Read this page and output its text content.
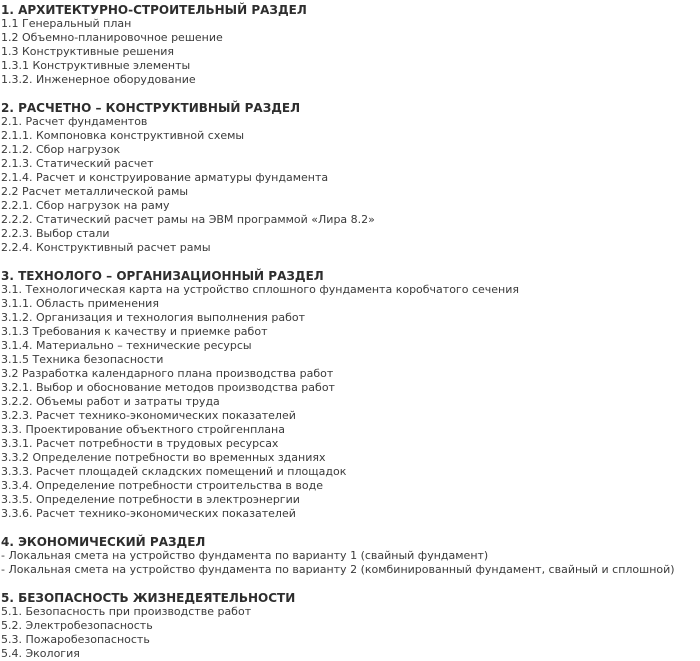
1. АРХИТЕКТУРНО-СТРОИТЕЛЬНЫЙ РАЗДЕЛ
1.1 Генеральный план
1.2 Объемно-планировочное решение
1.3 Конструктивные решения
1.3.1 Конструктивные элементы
1.3.2. Инженерное оборудование
2. РАСЧЕТНО – КОНСТРУКТИВНЫЙ РАЗДЕЛ
2.1. Расчет фундаментов
2.1.1. Компоновка конструктивной схемы
2.1.2. Сбор нагрузок
2.1.3. Статический расчет
2.1.4. Расчет и конструирование арматуры фундамента
2.2 Расчет металлической рамы
2.2.1. Сбор нагрузок на раму
2.2.2. Статический расчет рамы на ЭВМ программой «Лира 8.2»
2.2.3. Выбор стали
2.2.4. Конструктивный расчет рамы
3. ТЕХНОЛОГО – ОРГАНИЗАЦИОННЫЙ РАЗДЕЛ
3.1. Технологическая карта на устройство сплошного фундамента коробчатого сечения
3.1.1. Область применения
3.1.2. Организация и технология выполнения работ
3.1.3 Требования к качеству и приемке работ
3.1.4. Материально – технические ресурсы
3.1.5 Техника безопасности
3.2 Разработка календарного плана производства работ
3.2.1. Выбор и обоснование методов производства работ
3.2.2. Объемы работ и затраты труда
3.2.3. Расчет технико-экономических показателей
3.3. Проектирование объектного стройгенплана
3.3.1. Расчет потребности в трудовых ресурсах
3.3.2 Определение потребности во временных зданиях
3.3.3. Расчет площадей складских помещений и площадок
3.3.4. Определение потребности строительства в воде
3.3.5. Определение потребности в электроэнергии
3.3.6. Расчет технико-экономических показателей
4. ЭКОНОМИЧЕСКИЙ РАЗДЕЛ
- Локальная смета на устройство фундамента по варианту 1 (свайный фундамент)
- Локальная смета на устройство фундамента по варианту 2 (комбинированный фундамент, свайный и сплошной)
5. БЕЗОПАСНОСТЬ ЖИЗНЕДЕЯТЕЛЬНОСТИ
5.1. Безопасность при производстве работ
5.2. Электробезопасность
5.3. Пожаробезопасность
5.4. Экология
